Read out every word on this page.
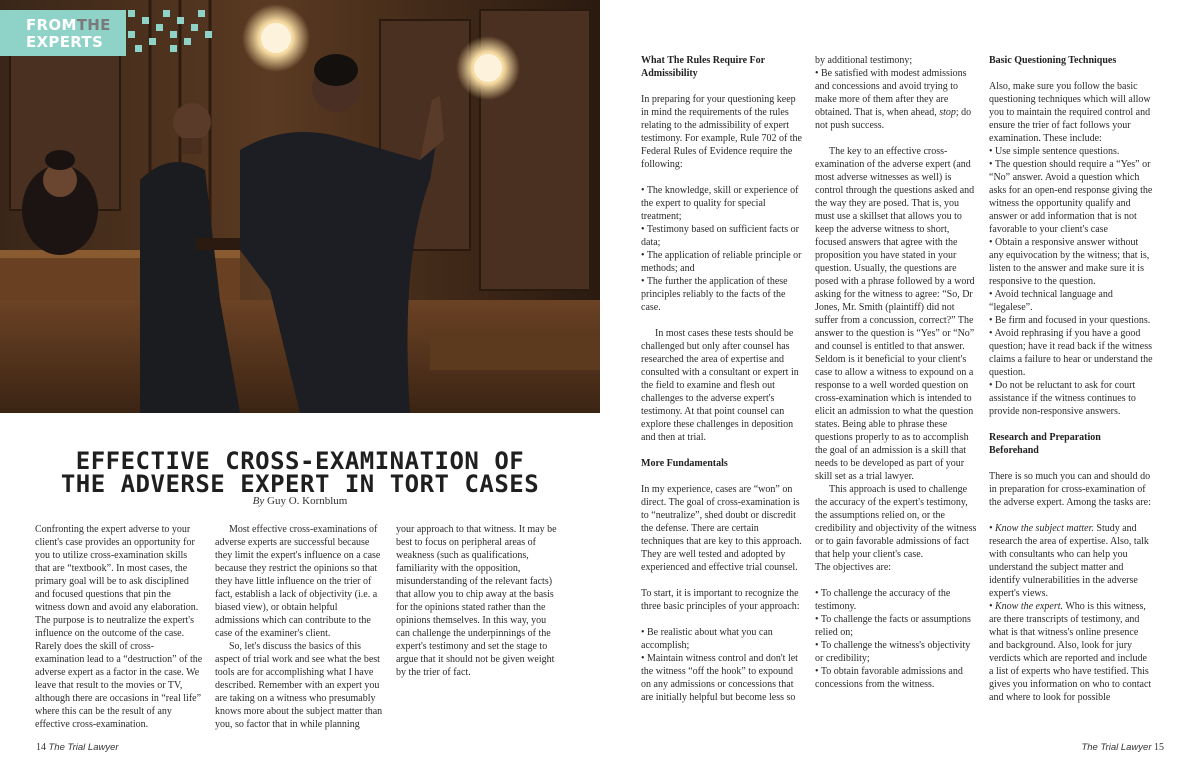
FROMTHE
EXPERTS
EFFECTIVE CROSS-EXAMINATION OF
THE ADVERSE EXPERT IN TORT CASES
By Guy O. Kornblum

Confronting the expert adverse to your client's case provides an opportunity for you to utilize cross-examination skills that are “textbook”. In most cases, the primary goal will be to ask disciplined and focused questions that pin the witness down and avoid any elaboration. The purpose is to neutralize the expert's influence on the outcome of the case. Rarely does the skill of cross-examination lead to a “destruction” of the adverse expert as a factor in the case. We leave that result to the movies or TV, although there are occasions in “real life” where this can be the result of any effective cross-examination.

Most effective cross-examinations of adverse experts are successful because they limit the expert's influence on a case because they restrict the opinions so that they have little influence on the trier of fact, establish a lack of objectivity (i.e. a biased view), or obtain helpful admissions which can contribute to the case of the examiner's client.

So, let's discuss the basics of this aspect of trial work and see what the best tools are for accomplishing what I have described. Remember with an expert you are taking on a witness who presumably knows more about the subject matter than you, so factor that in while planning

your approach to that witness. It may be best to focus on peripheral areas of weakness (such as qualifications, familiarity with the opposition, misunderstanding of the relevant facts) that allow you to chip away at the basis for the opinions stated rather than the opinions themselves. In this way, you can challenge the underpinnings of the expert's testimony and set the stage to argue that it should not be given weight by the trier of fact.

What The Rules Require For Admissibility

In preparing for your questioning keep in mind the requirements of the rules relating to the admissibility of expert testimony. For example, Rule 702 of the Federal Rules of Evidence require the following:

• The knowledge, skill or experience of the expert to quality for special treatment;

• Testimony based on sufficient facts or data;

• The application of reliable principle or methods; and

• The further the application of these principles reliably to the facts of the case.

In most cases these tests should be challenged but only after counsel has researched the area of expertise and consulted with a consultant or expert in the field to examine and flesh out challenges to the adverse expert's testimony. At that point counsel can explore these challenges in deposition and then at trial.

More Fundamentals

In my experience, cases are “won” on direct. The goal of cross-examination is to “neutralize”, shed doubt or discredit the defense. There are certain techniques that are key to this approach. They are well tested and adopted by experienced and effective trial counsel.

To start, it is important to recognize the three basic principles of your approach:

• Be realistic about what you can accomplish;

• Maintain witness control and don't let the witness “off the hook” to expound on any admissions or concessions that are initially helpful but become less so

by additional testimony;

• Be satisfied with modest admissions and concessions and avoid trying to make more of them after they are obtained. That is, when ahead, stop; do not push success.

The key to an effective cross-examination of the adverse expert (and most adverse witnesses as well) is control through the questions asked and the way they are posed. That is, you must use a skillset that allows you to keep the adverse witness to short, focused answers that agree with the proposition you have stated in your question. Usually, the questions are posed with a phrase followed by a word asking for the witness to agree: “So, Dr Jones, Mr. Smith (plaintiff) did not suffer from a concussion, correct?” The answer to the question is “Yes” or “No” and counsel is entitled to that answer. Seldom is it beneficial to your client's case to allow a witness to expound on a response to a well worded question on cross-examination which is intended to elicit an admission to what the question states. Being able to phrase these questions properly to as to accomplish the goal of an admission is a skill that needs to be developed as part of your skill set as a trial lawyer.

This approach is used to challenge the accuracy of the expert's testimony, the assumptions relied on, or the credibility and objectivity of the witness or to gain favorable admissions of fact that help your client's case.

The objectives are:

• To challenge the accuracy of the testimony.

• To challenge the facts or assumptions relied on;

• To challenge the witness's objectivity or credibility;

• To obtain favorable admissions and concessions from the witness.

Basic Questioning Techniques

Also, make sure you follow the basic questioning techniques which will allow you to maintain the required control and ensure the trier of fact follows your examination. These include:

• Use simple sentence questions.

• The question should require a “Yes” or “No” answer. Avoid a question which asks for an open-end response giving the witness the opportunity qualify and answer or add information that is not favorable to your client's case

• Obtain a responsive answer without any equivocation by the witness; that is, listen to the answer and make sure it is responsive to the question.

• Avoid technical language and “legalese”.

• Be firm and focused in your questions.

• Avoid rephrasing if you have a good question; have it read back if the witness claims a failure to hear or understand the question.

• Do not be reluctant to ask for court assistance if the witness continues to provide non-responsive answers.

Research and Preparation Beforehand

There is so much you can and should do in preparation for cross-examination of the adverse expert. Among the tasks are:

• Know the subject matter. Study and research the area of expertise. Also, talk with consultants who can help you understand the subject matter and identify vulnerabilities in the adverse expert's views.

• Know the expert. Who is this witness, are there transcripts of testimony, and what is that witness's online presence and background. Also, look for jury verdicts which are reported and include a list of experts who have testified. This gives you information on who to contact and where to look for possible

14 The Trial Lawyer	The Trial Lawyer 15
